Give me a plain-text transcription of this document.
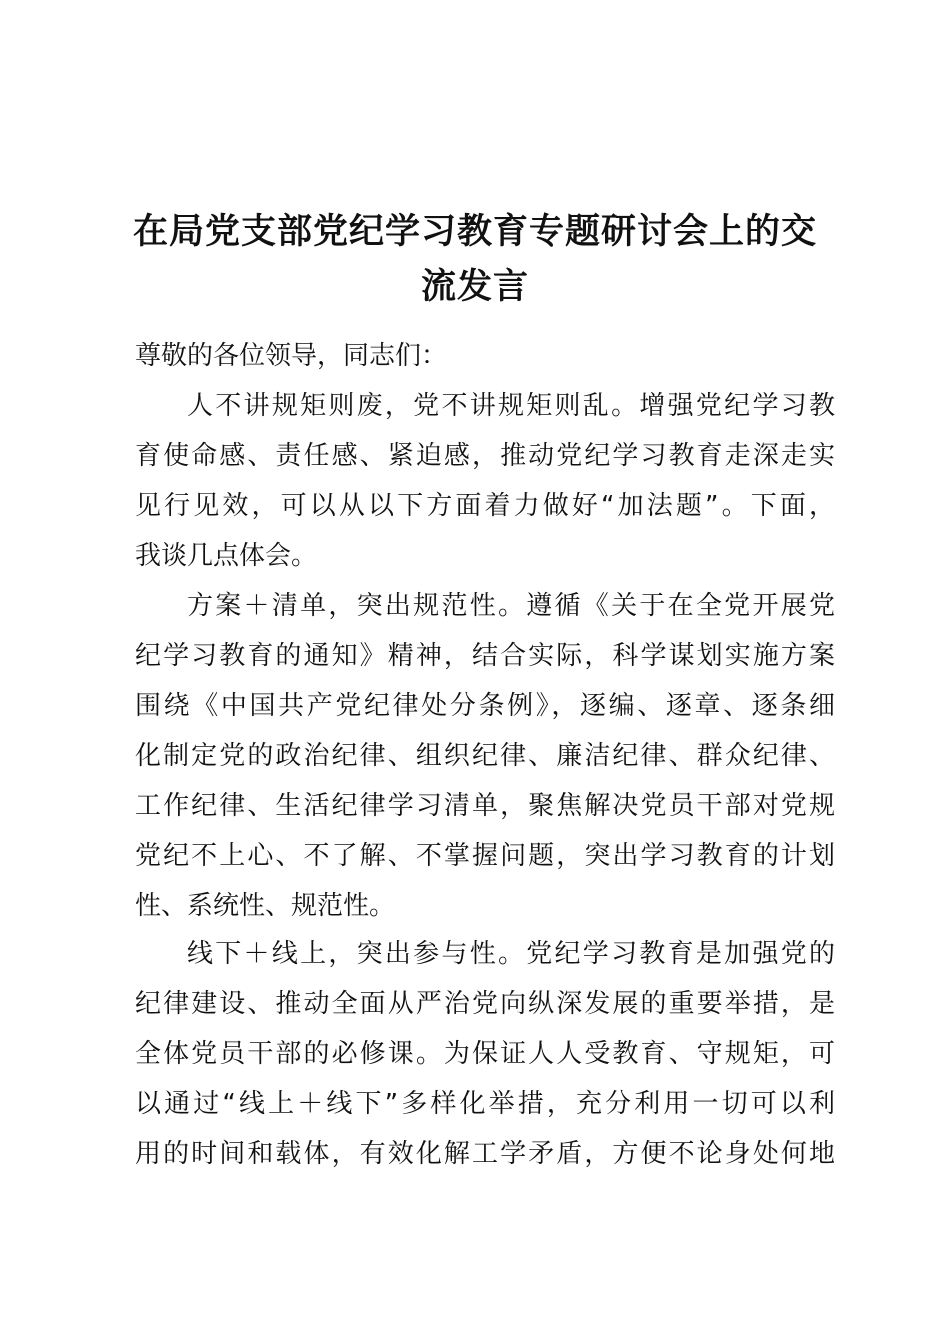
在局党支部党纪学习教育专题研讨会上的交
流发言

尊敬的各位领导，同志们：

人不讲规矩则废，党不讲规矩则乱。增强党纪学习教
育使命感、责任感、紧迫感，推动党纪学习教育走深走实
见行见效，可以从以下方面着力做好“加法题”。下面，
我谈几点体会。
方案＋清单，突出规范性。遵循《关于在全党开展党
纪学习教育的通知》精神，结合实际，科学谋划实施方案
围绕《中国共产党纪律处分条例》，逐编、逐章、逐条细
化制定党的政治纪律、组织纪律、廉洁纪律、群众纪律、
工作纪律、生活纪律学习清单，聚焦解决党员干部对党规
党纪不上心、不了解、不掌握问题，突出学习教育的计划
性、系统性、规范性。
线下＋线上，突出参与性。党纪学习教育是加强党的
纪律建设、推动全面从严治党向纵深发展的重要举措，是
全体党员干部的必修课。为保证人人受教育、守规矩，可
以通过“线上＋线下”多样化举措，充分利用一切可以利
用的时间和载体，有效化解工学矛盾，方便不论身处何地
